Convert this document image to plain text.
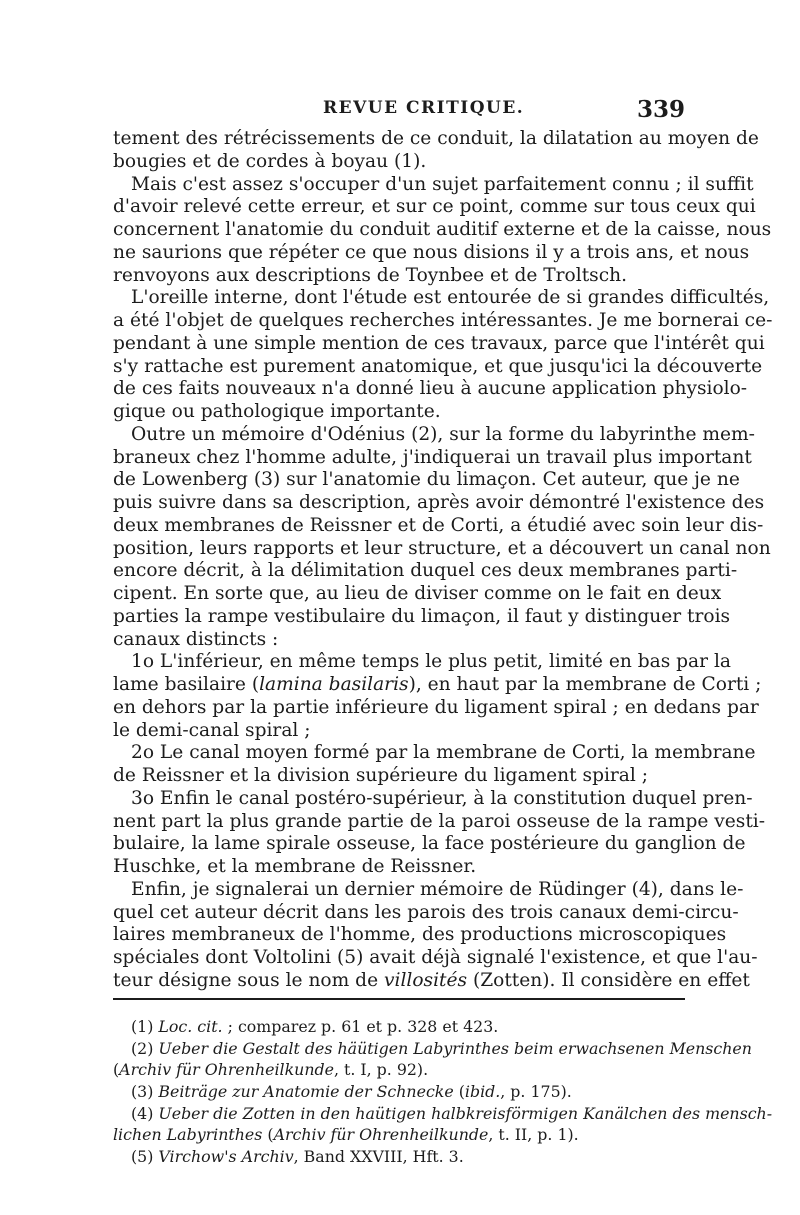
REVUE CRITIQUE.	339
tement des rétrécissements de ce conduit, la dilatation au moyen de
bougies et de cordes à boyau (1).
Mais c'est assez s'occuper d'un sujet parfaitement connu ; il suffit
d'avoir relevé cette erreur, et sur ce point, comme sur tous ceux qui
concernent l'anatomie du conduit auditif externe et de la caisse, nous
ne saurions que répéter ce que nous disions il y a trois ans, et nous
renvoyons aux descriptions de Toynbee et de Troltsch.
L'oreille interne, dont l'étude est entourée de si grandes difficultés,
a été l'objet de quelques recherches intéressantes. Je me bornerai ce-
pendant à une simple mention de ces travaux, parce que l'intérêt qui
s'y rattache est purement anatomique, et que jusqu'ici la découverte
de ces faits nouveaux n'a donné lieu à aucune application physiolo-
gique ou pathologique importante.
Outre un mémoire d'Odénius (2), sur la forme du labyrinthe mem-
braneux chez l'homme adulte, j'indiquerai un travail plus important
de Lowenberg (3) sur l'anatomie du limaçon. Cet auteur, que je ne
puis suivre dans sa description, après avoir démontré l'existence des
deux membranes de Reissner et de Corti, a étudié avec soin leur dis-
position, leurs rapports et leur structure, et a découvert un canal non
encore décrit, à la délimitation duquel ces deux membranes parti-
cipent. En sorte que, au lieu de diviser comme on le fait en deux
parties la rampe vestibulaire du limaçon, il faut y distinguer trois
canaux distincts :
1o L'inférieur, en même temps le plus petit, limité en bas par la
lame basilaire (lamina basilaris), en haut par la membrane de Corti ;
en dehors par la partie inférieure du ligament spiral ; en dedans par
le demi-canal spiral ;
2o Le canal moyen formé par la membrane de Corti, la membrane
de Reissner et la division supérieure du ligament spiral ;
3o Enfin le canal postéro-supérieur, à la constitution duquel pren-
nent part la plus grande partie de la paroi osseuse de la rampe vesti-
bulaire, la lame spirale osseuse, la face postérieure du ganglion de
Huschke, et la membrane de Reissner.
Enfin, je signalerai un dernier mémoire de Rüdinger (4), dans le-
quel cet auteur décrit dans les parois des trois canaux demi-circu-
laires membraneux de l'homme, des productions microscopiques
spéciales dont Voltolini (5) avait déjà signalé l'existence, et que l'au-
teur désigne sous le nom de villosités (Zotten). Il considère en effet
(1) Loc. cit. ; comparez p. 61 et p. 328 et 423.
(2) Ueber die Gestalt des häütigen Labyrinthes beim erwachsenen Menschen
(Archiv für Ohrenheilkunde, t. I, p. 92).
(3) Beiträge zur Anatomie der Schnecke (ibid., p. 175).
(4) Ueber die Zotten in den haütigen halbkreisförmigen Kanälchen des mensch-
lichen Labyrinthes (Archiv für Ohrenheilkunde, t. II, p. 1).
(5) Virchow's Archiv, Band XXVIII, Hft. 3.
